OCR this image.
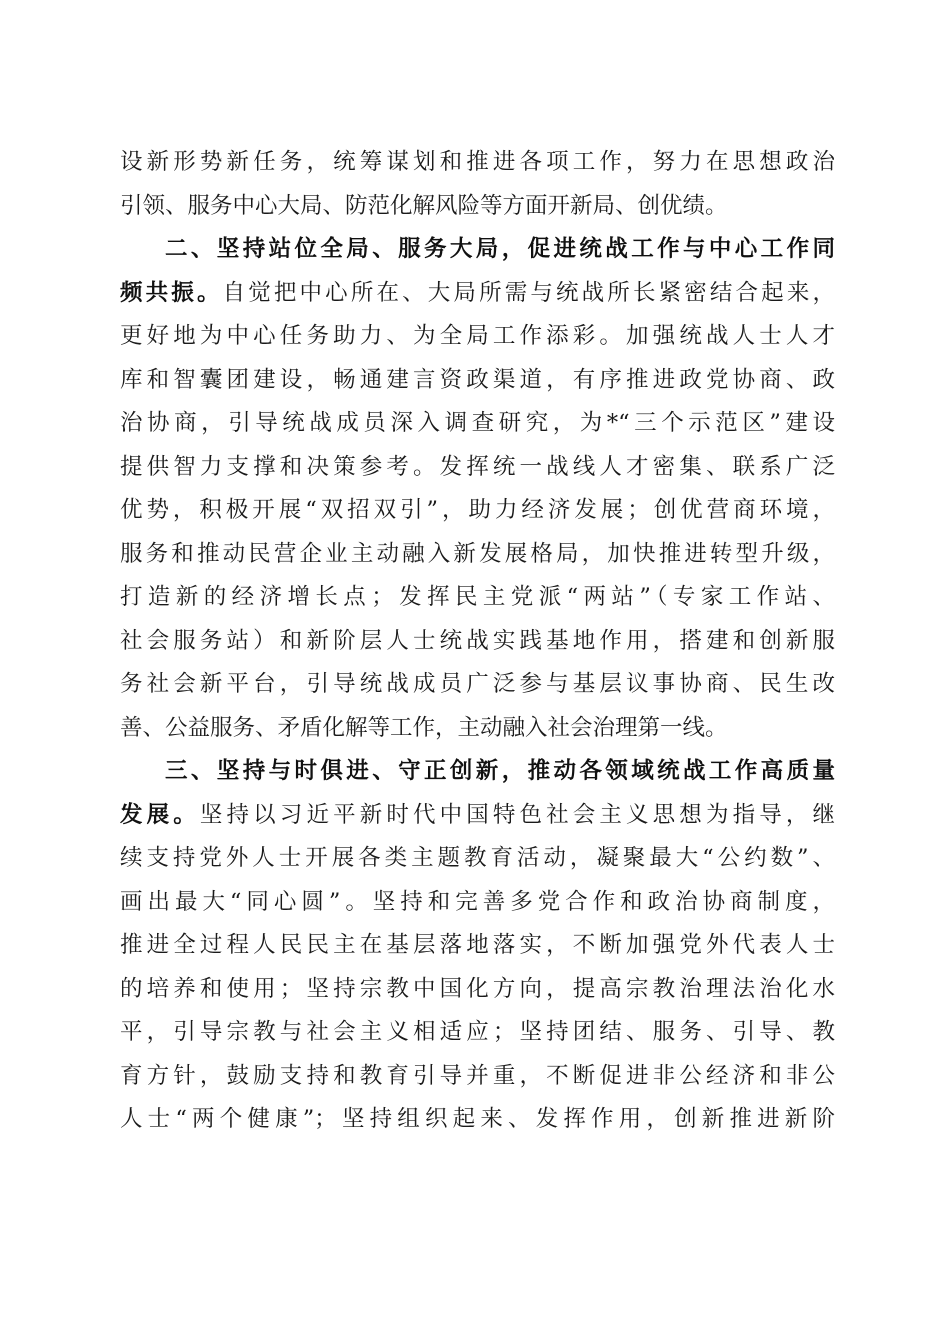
设新形势新任务，统筹谋划和推进各项工作，努力在思想政治
引领、服务中心大局、防范化解风险等方面开新局、创优绩。
二、坚持站位全局、服务大局，促进统战工作与中心工作同
频共振。自觉把中心所在、大局所需与统战所长紧密结合起来，
更好地为中心任务助力、为全局工作添彩。加强统战人士人才
库和智囊团建设，畅通建言资政渠道，有序推进政党协商、政
治协商，引导统战成员深入调查研究，为*“三个示范区”建设
提供智力支撑和决策参考。发挥统一战线人才密集、联系广泛
优势，积极开展“双招双引”，助力经济发展；创优营商环境，
服务和推动民营企业主动融入新发展格局，加快推进转型升级，
打造新的经济增长点；发挥民主党派“两站”（专家工作站、
社会服务站）和新阶层人士统战实践基地作用，搭建和创新服
务社会新平台，引导统战成员广泛参与基层议事协商、民生改
善、公益服务、矛盾化解等工作，主动融入社会治理第一线。
三、坚持与时俱进、守正创新，推动各领域统战工作高质量
发展。坚持以习近平新时代中国特色社会主义思想为指导，继
续支持党外人士开展各类主题教育活动，凝聚最大“公约数”、
画出最大“同心圆”。坚持和完善多党合作和政治协商制度，
推进全过程人民民主在基层落地落实，不断加强党外代表人士
的培养和使用；坚持宗教中国化方向，提高宗教治理法治化水
平，引导宗教与社会主义相适应；坚持团结、服务、引导、教
育方针，鼓励支持和教育引导并重，不断促进非公经济和非公
人士“两个健康”；坚持组织起来、发挥作用，创新推进新阶
